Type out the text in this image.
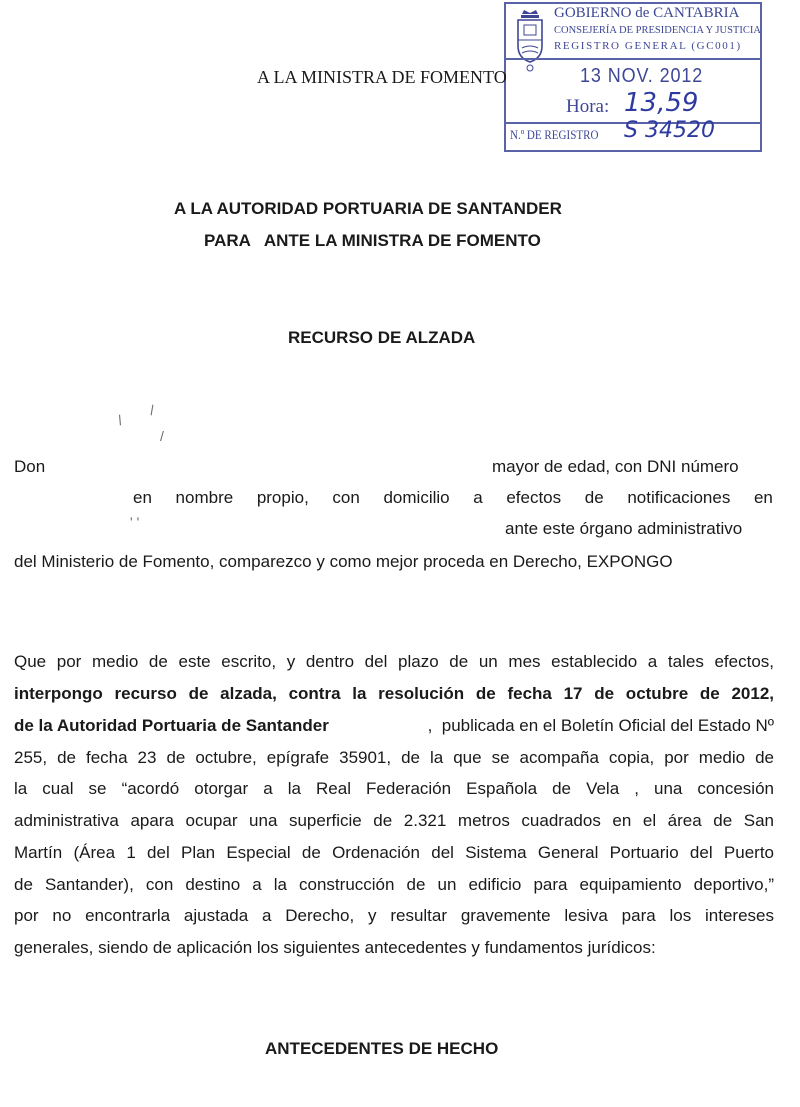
GOBIERNO de CANTABRIA
CONSEJERÍA DE PRESIDENCIA Y JUSTICIA
REGISTRO GENERAL (GC001)
13 NOV. 2012
Hora: 13,59
N.º DE REGISTRO S 34520
A LA MINISTRA DE FOMENTO
A LA AUTORIDAD PORTUARIA DE SANTANDER
PARA   ANTE LA MINISTRA DE FOMENTO
RECURSO DE ALZADA
/
\
/
' '
Don	mayor de edad, con DNI número
en nombre propio, con domicilio a efectos de notificaciones en
ante este órgano administrativo
del Ministerio de Fomento, comparezco y como mejor proceda en Derecho, EXPONGO
Que por medio de este escrito, y dentro del plazo de un mes establecido a tales efectos,
interpongo recurso de alzada, contra la resolución de fecha 17 de octubre de 2012,
de la Autoridad Portuaria de Santander	,  publicada en el Boletín Oficial del Estado Nº
255, de fecha 23 de octubre, epígrafe 35901, de la que se acompaña copia, por medio de
la cual se “acordó otorgar a la Real Federación Española de Vela , una concesión
administrativa apara ocupar una superficie de 2.321 metros cuadrados en el área de San
Martín (Área 1 del Plan Especial de Ordenación del Sistema General Portuario del Puerto
de Santander), con destino a la construcción de un edificio para equipamiento deportivo,”
por no encontrarla ajustada a Derecho, y resultar gravemente lesiva para los intereses
generales, siendo de aplicación los siguientes antecedentes y fundamentos jurídicos:
ANTECEDENTES DE HECHO
